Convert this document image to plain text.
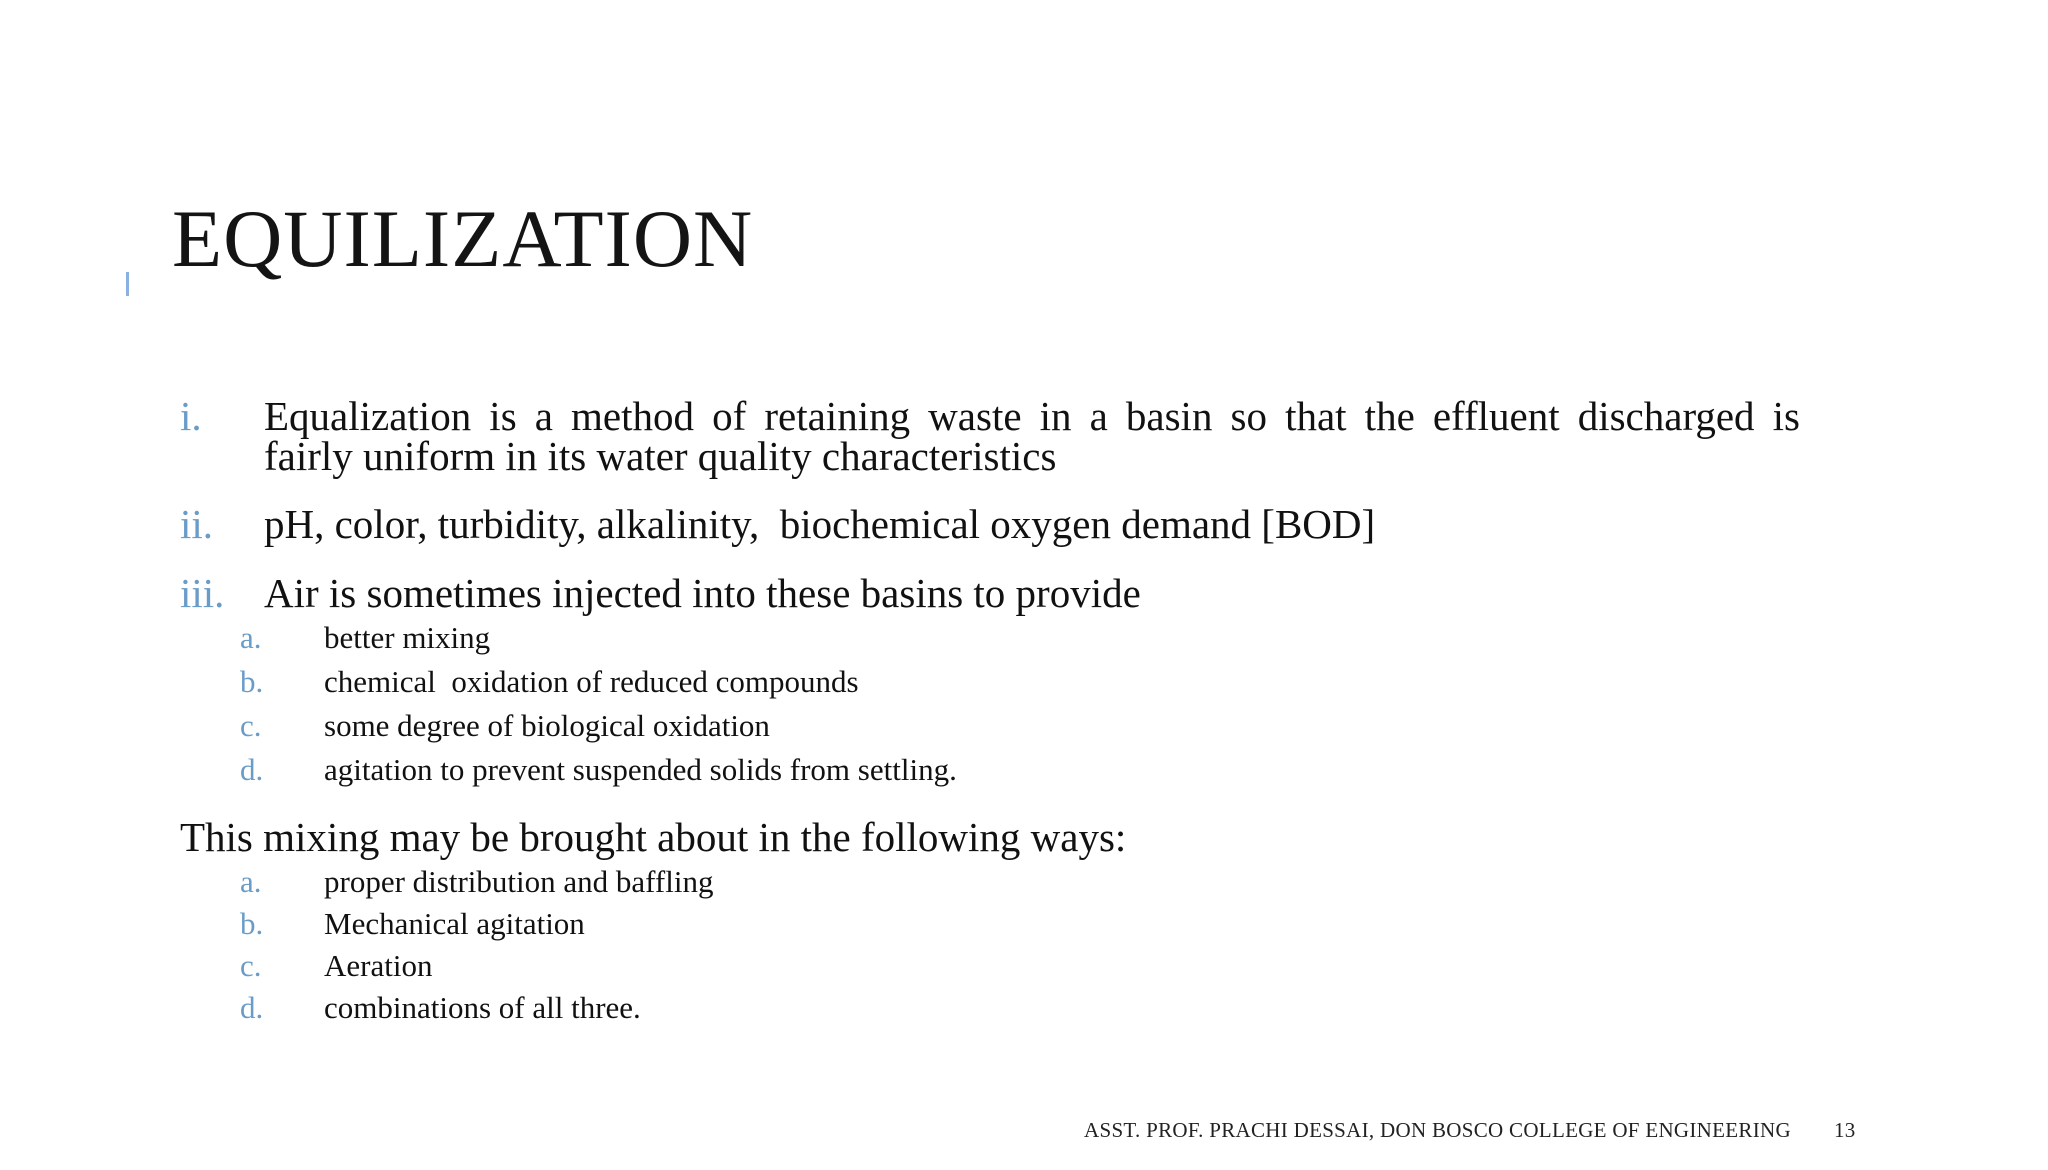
EQUILIZATION
i. Equalization is a method of retaining waste in a basin so that the effluent discharged is
fairly uniform in its water quality characteristics
ii. pH, color, turbidity, alkalinity,  biochemical oxygen demand [BOD]
iii. Air is sometimes injected into these basins to provide
a. better mixing
b. chemical  oxidation of reduced compounds
c. some degree of biological oxidation
d. agitation to prevent suspended solids from settling.
This mixing may be brought about in the following ways:
a. proper distribution and baffling
b. Mechanical agitation
c. Aeration
d. combinations of all three.
ASST. PROF. PRACHI DESSAI, DON BOSCO COLLEGE OF ENGINEERING 13
